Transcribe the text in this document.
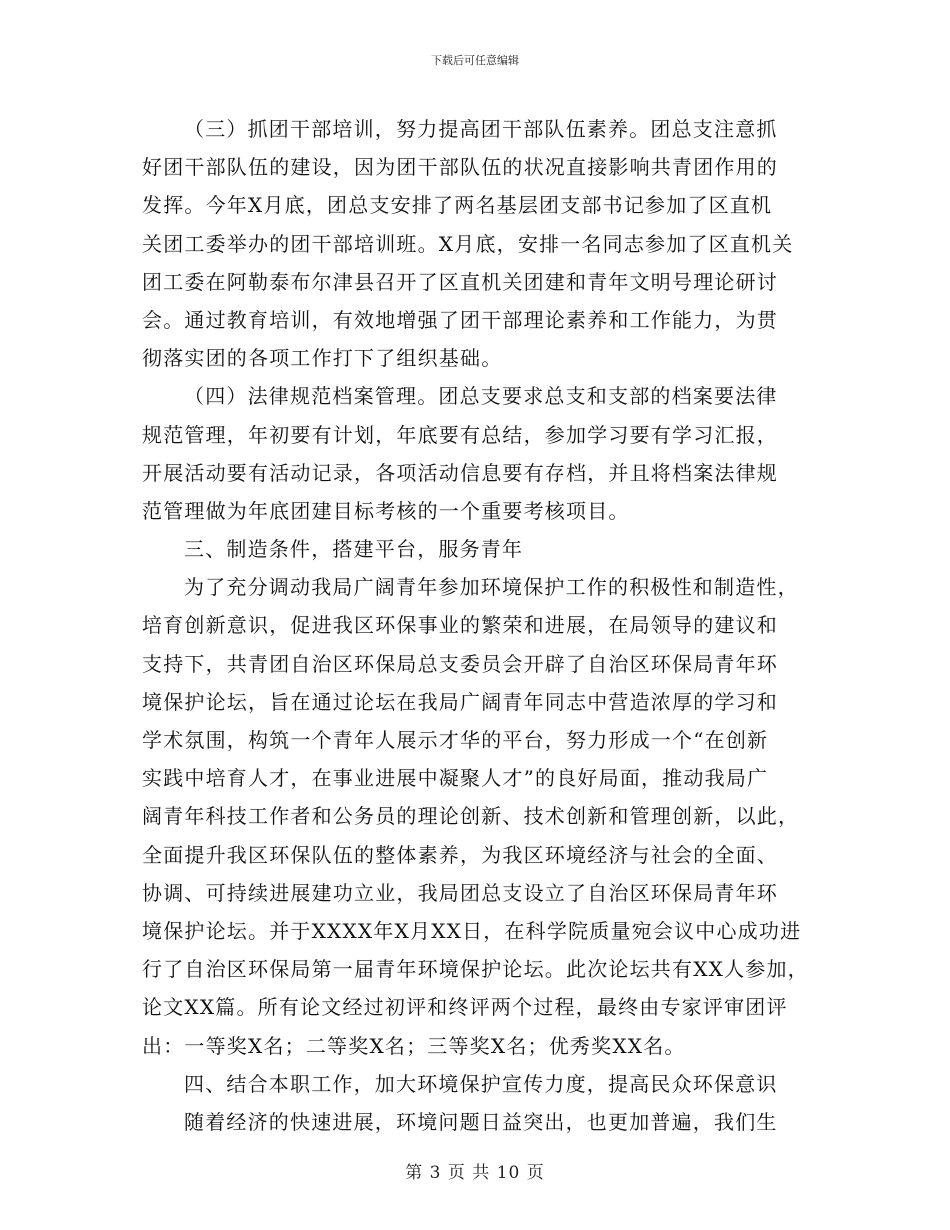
下载后可任意编辑
（三）抓团干部培训，努力提高团干部队伍素养。团总支注意抓
好团干部队伍的建设，因为团干部队伍的状况直接影响共青团作用的
发挥。今年X月底，团总支安排了两名基层团支部书记参加了区直机
关团工委举办的团干部培训班。X月底，安排一名同志参加了区直机关
团工委在阿勒泰布尔津县召开了区直机关团建和青年文明号理论研讨
会。通过教育培训，有效地增强了团干部理论素养和工作能力，为贯
彻落实团的各项工作打下了组织基础。
（四）法律规范档案管理。团总支要求总支和支部的档案要法律
规范管理，年初要有计划，年底要有总结，参加学习要有学习汇报，
开展活动要有活动记录，各项活动信息要有存档，并且将档案法律规
范管理做为年底团建目标考核的一个重要考核项目。
三、制造条件，搭建平台，服务青年
为了充分调动我局广阔青年参加环境保护工作的积极性和制造性，
培育创新意识，促进我区环保事业的繁荣和进展，在局领导的建议和
支持下，共青团自治区环保局总支委员会开辟了自治区环保局青年环
境保护论坛，旨在通过论坛在我局广阔青年同志中营造浓厚的学习和
学术氛围，构筑一个青年人展示才华的平台，努力形成一个“在创新
实践中培育人才，在事业进展中凝聚人才”的良好局面，推动我局广
阔青年科技工作者和公务员的理论创新、技术创新和管理创新，以此，
全面提升我区环保队伍的整体素养，为我区环境经济与社会的全面、
协调、可持续进展建功立业，我局团总支设立了自治区环保局青年环
境保护论坛。并于XXXX年X月XX日，在科学院质量宛会议中心成功进
行了自治区环保局第一届青年环境保护论坛。此次论坛共有XX人参加，
论文XX篇。所有论文经过初评和终评两个过程，最终由专家评审团评
出：一等奖X名；二等奖X名；三等奖X名；优秀奖XX名。
四、结合本职工作，加大环境保护宣传力度，提高民众环保意识
随着经济的快速进展，环境问题日益突出，也更加普遍，我们生
第 3 页 共 10 页
